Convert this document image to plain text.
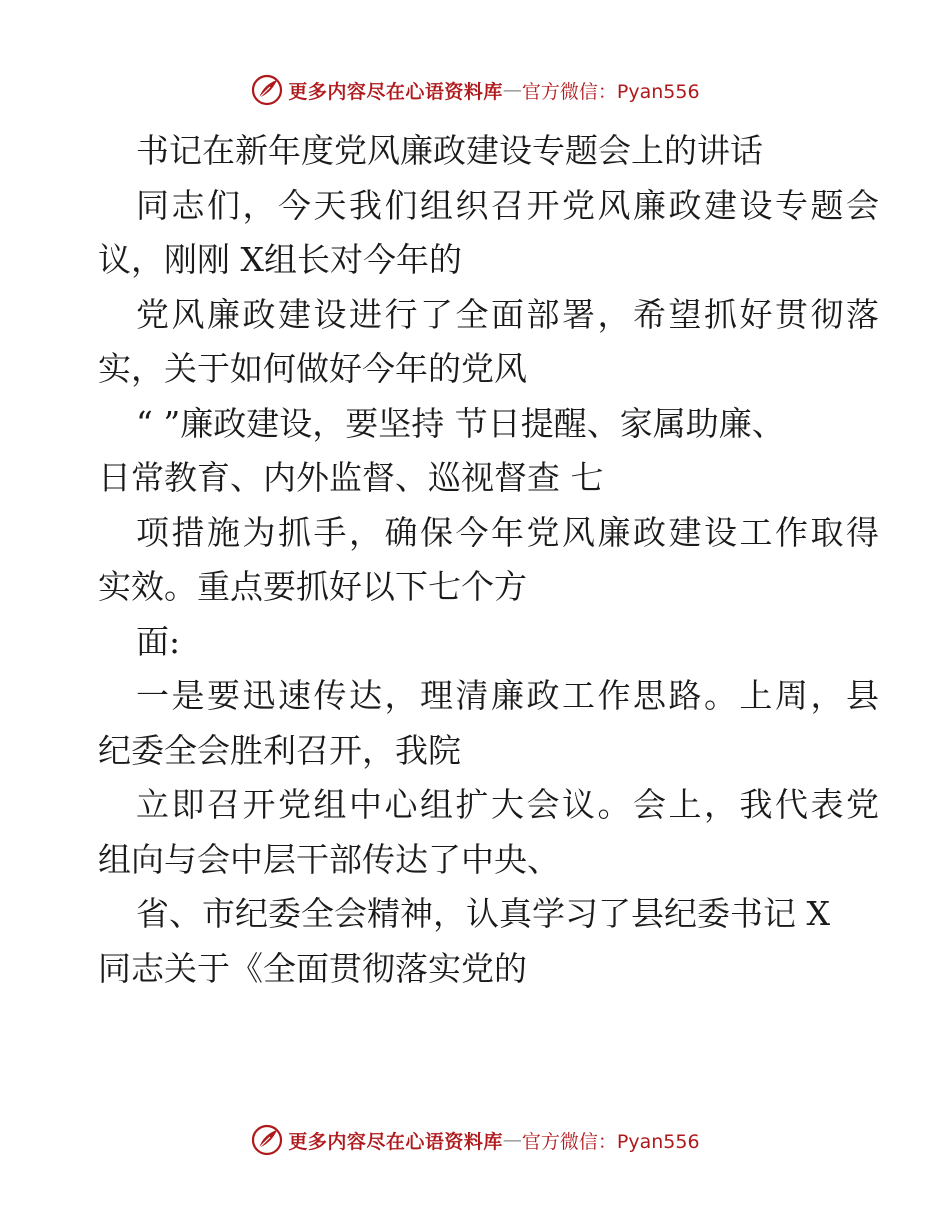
更多内容尽在心语资料库 — 官方微信：Pyan556
书记在新年度党风廉政建设专题会上的讲话
同志们，今天我们组织召开党风廉政建设专题会
议，刚刚 X组长对今年的
党风廉政建设进行了全面部署，希望抓好贯彻落
实，关于如何做好今年的党风
“ ”廉政建设，要坚持 节日提醒、家属助廉、
日常教育、内外监督、巡视督查 七
项措施为抓手，确保今年党风廉政建设工作取得
实效。重点要抓好以下七个方
面:
一是要迅速传达，理清廉政工作思路。上周，县
纪委全会胜利召开，我院
立即召开党组中心组扩大会议。会上，我代表党
组向与会中层干部传达了中央、
省、市纪委全会精神，认真学习了县纪委书记 X
同志关于《全面贯彻落实党的
更多内容尽在心语资料库 — 官方微信：Pyan556
